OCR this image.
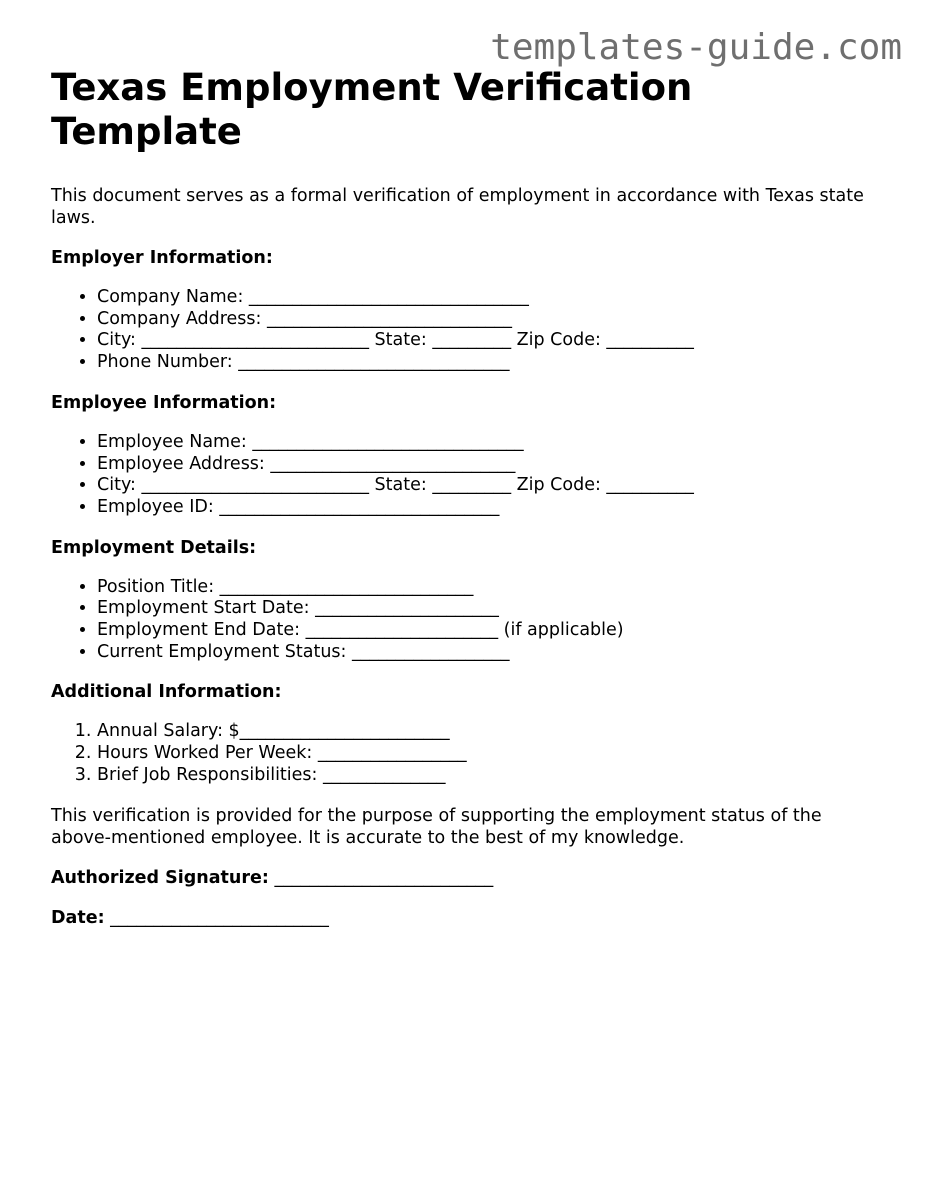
templates-guide.com
Texas Employment Verification Template

This document serves as a formal verification of employment in accordance with Texas state laws.

Employer Information:

• Company Name: ________________________________
• Company Address: ____________________________
• City: __________________________ State: _________ Zip Code: __________
• Phone Number: _______________________________

Employee Information:

• Employee Name: _______________________________
• Employee Address: ____________________________
• City: __________________________ State: _________ Zip Code: __________
• Employee ID: ________________________________

Employment Details:

• Position Title: _____________________________
• Employment Start Date: _____________________
• Employment End Date: ______________________ (if applicable)
• Current Employment Status: __________________

Additional Information:

1. Annual Salary: $________________________
2. Hours Worked Per Week: _________________
3. Brief Job Responsibilities: ______________

This verification is provided for the purpose of supporting the employment status of the above-mentioned employee. It is accurate to the best of my knowledge.

Authorized Signature: _________________________

Date: _________________________
